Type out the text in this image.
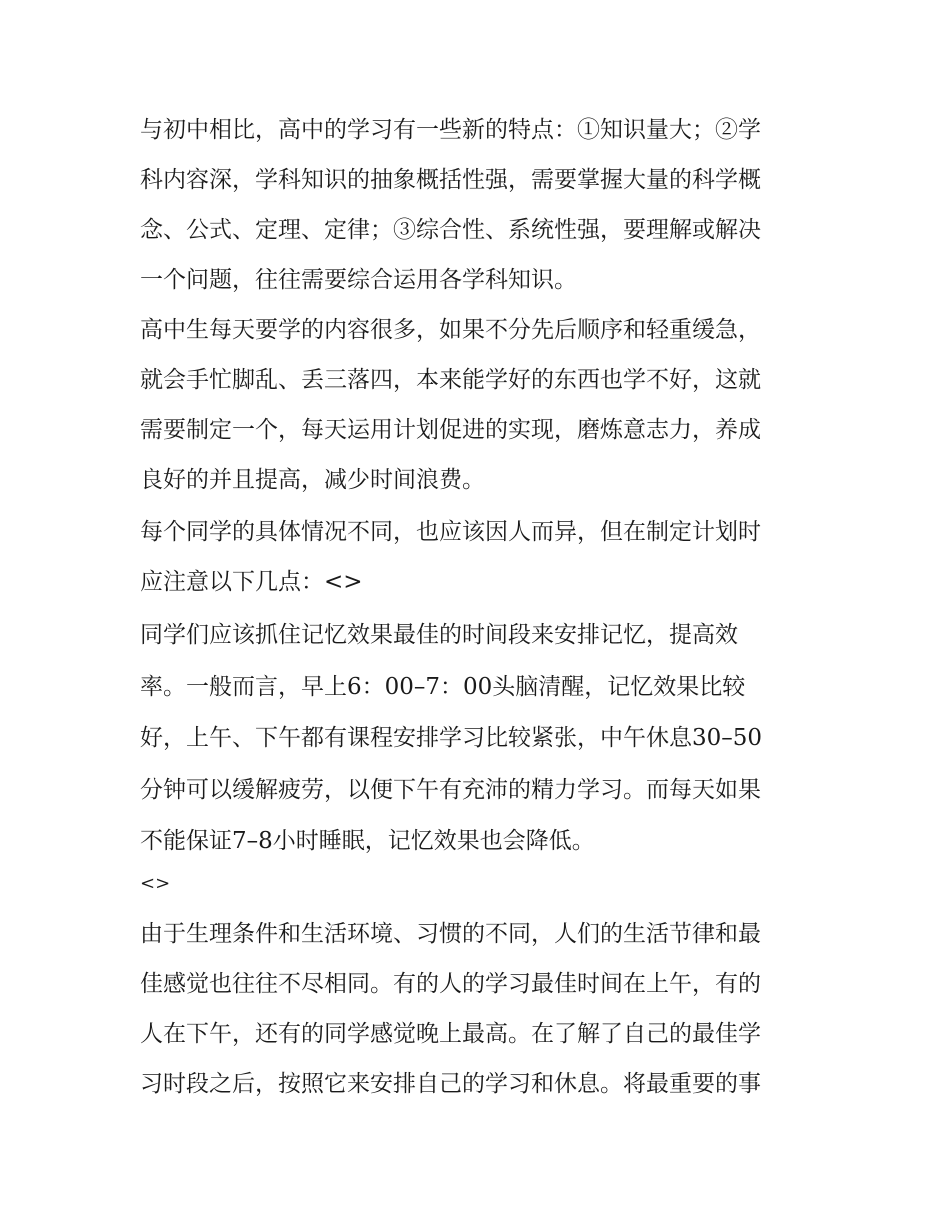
与初中相比，高中的学习有一些新的特点：①知识量大；②学
科内容深，学科知识的抽象概括性强，需要掌握大量的科学概
念、公式、定理、定律；③综合性、系统性强，要理解或解决
一个问题，往往需要综合运用各学科知识。
高中生每天要学的内容很多，如果不分先后顺序和轻重缓急，
就会手忙脚乱、丢三落四，本来能学好的东西也学不好，这就
需要制定一个，每天运用计划促进的实现，磨炼意志力，养成
良好的并且提高，减少时间浪费。
每个同学的具体情况不同，也应该因人而异，但在制定计划时
应注意以下几点：<>
同学们应该抓住记忆效果最佳的时间段来安排记忆，提高效
率。一般而言，早上6：00–7：00头脑清醒，记忆效果比较
好，上午、下午都有课程安排学习比较紧张，中午休息30–50
分钟可以缓解疲劳，以便下午有充沛的精力学习。而每天如果
不能保证7–8小时睡眠，记忆效果也会降低。
<>
由于生理条件和生活环境、习惯的不同，人们的生活节律和最
佳感觉也往往不尽相同。有的人的学习最佳时间在上午，有的
人在下午，还有的同学感觉晚上最高。在了解了自己的最佳学
习时段之后，按照它来安排自己的学习和休息。将最重要的事
